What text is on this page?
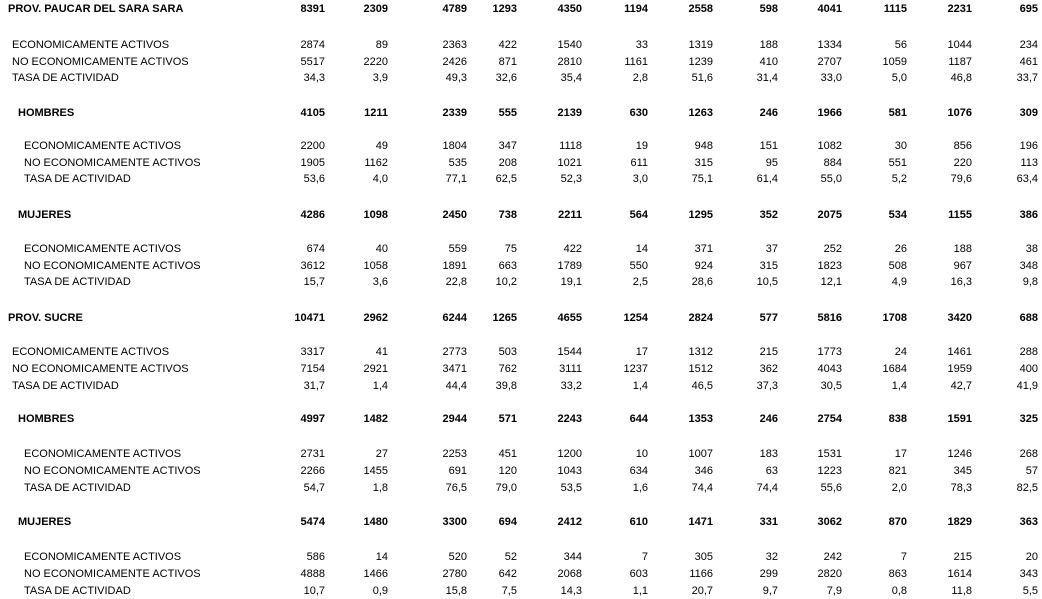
PROV. PAUCAR DEL SARA SARA	8391	2309	4789	1293	4350	1194	2558	598	4041	1115	2231	695
ECONOMICAMENTE ACTIVOS	2874	89	2363	422	1540	33	1319	188	1334	56	1044	234
NO ECONOMICAMENTE ACTIVOS	5517	2220	2426	871	2810	1161	1239	410	2707	1059	1187	461
TASA DE ACTIVIDAD	34,3	3,9	49,3	32,6	35,4	2,8	51,6	31,4	33,0	5,0	46,8	33,7
HOMBRES	4105	1211	2339	555	2139	630	1263	246	1966	581	1076	309
ECONOMICAMENTE ACTIVOS	2200	49	1804	347	1118	19	948	151	1082	30	856	196
NO ECONOMICAMENTE ACTIVOS	1905	1162	535	208	1021	611	315	95	884	551	220	113
TASA DE ACTIVIDAD	53,6	4,0	77,1	62,5	52,3	3,0	75,1	61,4	55,0	5,2	79,6	63,4
MUJERES	4286	1098	2450	738	2211	564	1295	352	2075	534	1155	386
ECONOMICAMENTE ACTIVOS	674	40	559	75	422	14	371	37	252	26	188	38
NO ECONOMICAMENTE ACTIVOS	3612	1058	1891	663	1789	550	924	315	1823	508	967	348
TASA DE ACTIVIDAD	15,7	3,6	22,8	10,2	19,1	2,5	28,6	10,5	12,1	4,9	16,3	9,8
PROV. SUCRE	10471	2962	6244	1265	4655	1254	2824	577	5816	1708	3420	688
ECONOMICAMENTE ACTIVOS	3317	41	2773	503	1544	17	1312	215	1773	24	1461	288
NO ECONOMICAMENTE ACTIVOS	7154	2921	3471	762	3111	1237	1512	362	4043	1684	1959	400
TASA DE ACTIVIDAD	31,7	1,4	44,4	39,8	33,2	1,4	46,5	37,3	30,5	1,4	42,7	41,9
HOMBRES	4997	1482	2944	571	2243	644	1353	246	2754	838	1591	325
ECONOMICAMENTE ACTIVOS	2731	27	2253	451	1200	10	1007	183	1531	17	1246	268
NO ECONOMICAMENTE ACTIVOS	2266	1455	691	120	1043	634	346	63	1223	821	345	57
TASA DE ACTIVIDAD	54,7	1,8	76,5	79,0	53,5	1,6	74,4	74,4	55,6	2,0	78,3	82,5
MUJERES	5474	1480	3300	694	2412	610	1471	331	3062	870	1829	363
ECONOMICAMENTE ACTIVOS	586	14	520	52	344	7	305	32	242	7	215	20
NO ECONOMICAMENTE ACTIVOS	4888	1466	2780	642	2068	603	1166	299	2820	863	1614	343
TASA DE ACTIVIDAD	10,7	0,9	15,8	7,5	14,3	1,1	20,7	9,7	7,9	0,8	11,8	5,5
